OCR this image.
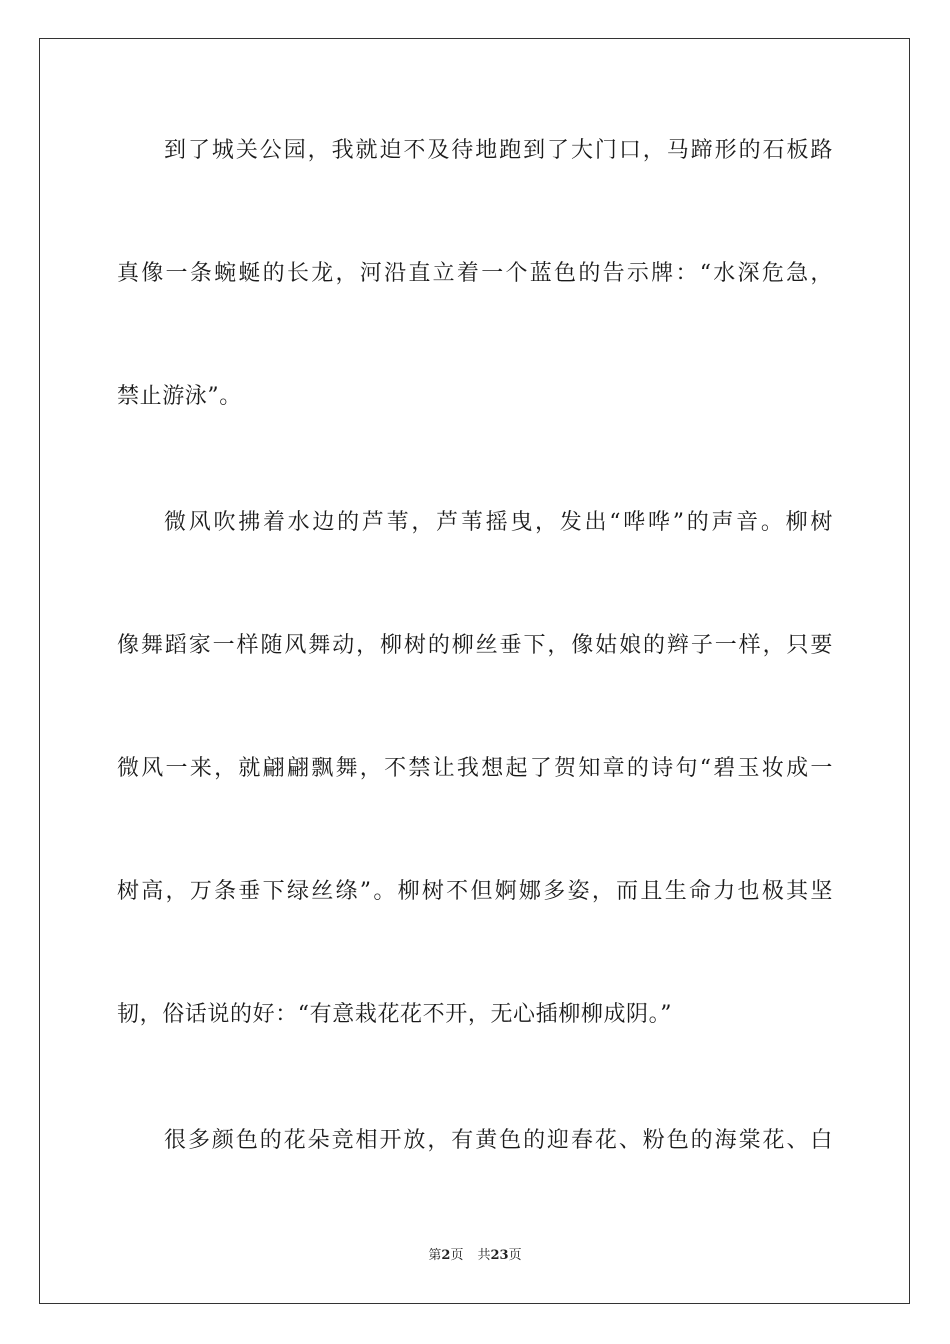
到了城关公园，我就迫不及待地跑到了大门口，马蹄形的石板路
真像一条蜿蜒的长龙，河沿直立着一个蓝色的告示牌：“水深危急，
禁止游泳”。
微风吹拂着水边的芦苇，芦苇摇曳，发出“哗哗”的声音。柳树
像舞蹈家一样随风舞动，柳树的柳丝垂下，像姑娘的辫子一样，只要
微风一来，就翩翩飘舞，不禁让我想起了贺知章的诗句“碧玉妆成一
树高，万条垂下绿丝绦”。柳树不但婀娜多姿，而且生命力也极其坚
韧，俗话说的好：“有意栽花花不开，无心插柳柳成阴。”
很多颜色的花朵竞相开放，有黄色的迎春花、粉色的海棠花、白
第2页 共23页
